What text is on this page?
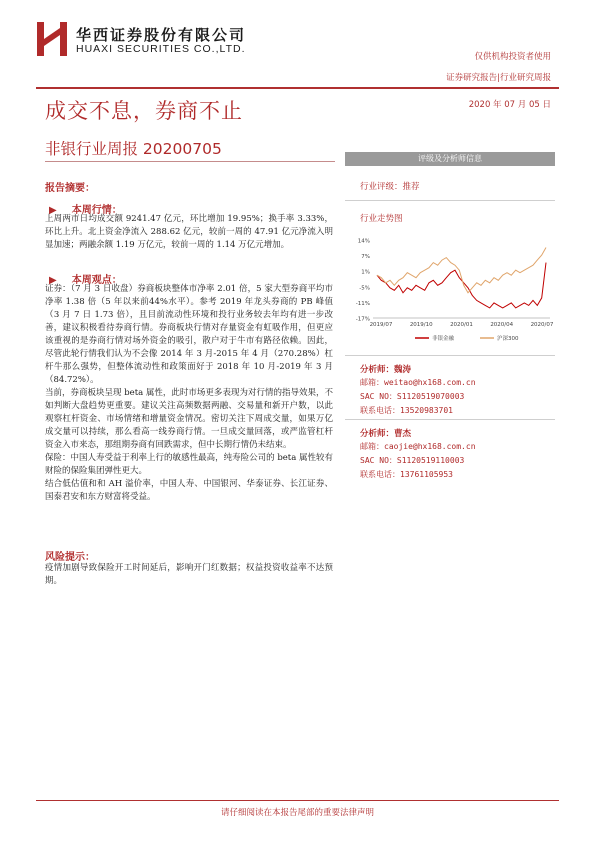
华西证券股份有限公司
HUAXI SECURITIES CO.,LTD.
仅供机构投资者使用
证券研究报告|行业研究周报
成交不息，券商不止	2020 年 07 月 05 日
非银行业周报 20200705
报告摘要：
▶ 本周行情：
上周两市日均成交额 9241.47 亿元，环比增加 19.95%；换手率 3.33%，环比上升。北上资金净流入 288.62 亿元，较前一周的 47.91 亿元净流入明显加速；两融余额 1.19 万亿元，较前一周的 1.14 万亿元增加。
▶ 本周观点：

证券：（7 月 3 日收盘）券商板块整体市净率 2.01 倍，5 家大型券商平均市净率 1.38 倍（5 年以来前44%水平）。参考 2019 年龙头券商的 PB 峰值（3 月 7 日 1.73 倍），且目前流动性环境和投行业务较去年均有进一步改善，建议积极看待券商行情。券商板块行情对存量资金有虹吸作用，但更应该重视的是券商行情对场外资金的吸引，散户对于牛市有路径依赖。因此，尽管此轮行情我们认为不会像 2014 年 3 月-2015 年 4 月（270.28%）杠杆牛那么强势，但整体流动性和政策面好于 2018 年 10 月-2019 年 3 月（84.72%）。

当前，券商板块呈现 beta 属性，此时市场更多表现为对行情的指导效果，不如判断大盘趋势更重要。建议关注高频数据两融、交易量和新开户数，以此观察杠杆资金、市场情绪和增量资金情况。密切关注下周成交量，如果万亿成交量可以持续，那么看高一线券商行情。一旦成交量回落，或严监管杠杆资金入市来态，那组期券商有回跌需求，但中长期行情仍未结束。

保险：中国人寿受益于利率上行的敏感性最高，纯寿险公司的 beta 属性较有财险的保险集团弹性更大。

结合低估值和和 AH 溢价率，中国人寿、中国银河、华泰证券、长江证券、国泰君安和东方财富将受益。

风险提示：
疫情加剧导致保险开工时间延后，影响开门红数据；权益投资收益率不达预期。
评级及分析师信息
行业评级：推荐
行业走势图
14%
7%
1%
-5%
-11%
-17%
2019/07	2019/10	2020/01	2020/04	2020/07
非银金融	沪深300
分析师：魏涛
邮箱：weitao@hx168.com.cn
SAC NO：S1120519070003
联系电话：13520983701
分析师：曹杰
邮箱：caojie@hx168.com.cn
SAC NO：S1120519110003
联系电话：13761105953
请仔细阅读在本报告尾部的重要法律声明
